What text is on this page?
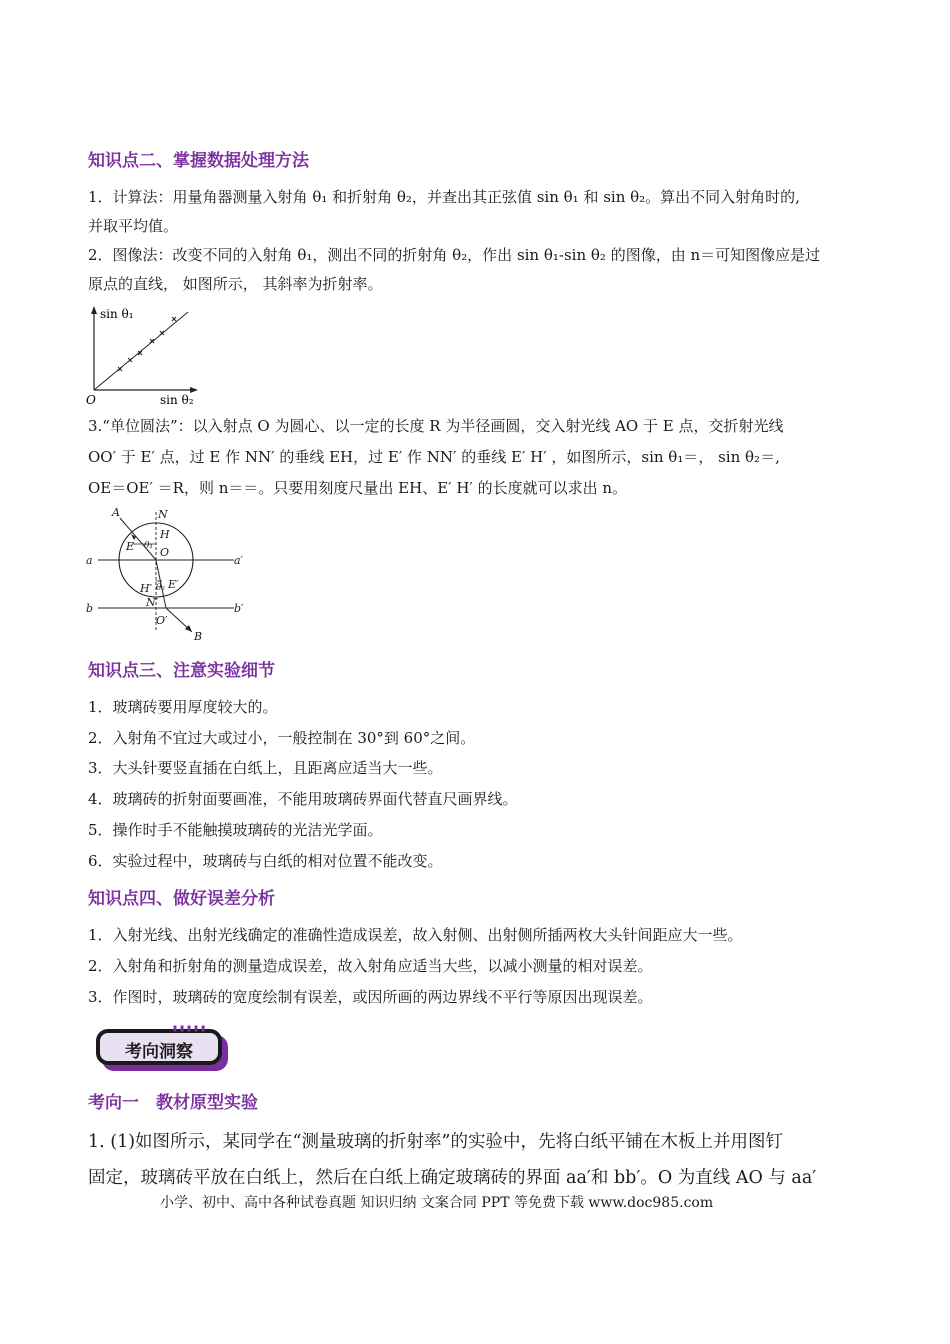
知识点二、掌握数据处理方法
1．计算法：用量角器测量入射角 θ₁ 和折射角 θ₂，并查出其正弦值 sin θ₁ 和 sin θ₂。算出不同入射角时的,
并取平均值。
2．图像法：改变不同的入射角 θ₁，测出不同的折射角 θ₂，作出 sin θ₁-sin θ₂ 的图像，由 n＝可知图像应是过
原点的直线， 如图所示， 其斜率为折射率。
sin θ₁
O	sin θ₂
3.“单位圆法”：以入射点 O 为圆心、以一定的长度 R 为半径画圆，交入射光线 AO 于 E 点，交折射光线
OO′ 于 E′ 点，过 E 作 NN′ 的垂线 EH，过 E′ 作 NN′ 的垂线 E′ H′ ，如图所示，sin θ₁＝， sin θ₂＝,
OE＝OE′ ＝R，则 n＝＝。只要用刻度尺量出 EH、E′ H′ 的长度就可以求出 n。
A	N
H
E θ₁ O
a	a′
H′ θ₂ E′
N′
b	b′
O′
B
知识点三、注意实验细节
1．玻璃砖要用厚度较大的。
2．入射角不宜过大或过小，一般控制在 30°到 60°之间。
3．大头针要竖直插在白纸上，且距离应适当大一些。
4．玻璃砖的折射面要画准，不能用玻璃砖界面代替直尺画界线。
5．操作时手不能触摸玻璃砖的光洁光学面。
6．实验过程中，玻璃砖与白纸的相对位置不能改变。
知识点四、做好误差分析
1．入射光线、出射光线确定的准确性造成误差，故入射侧、出射侧所插两枚大头针间距应大一些。
2．入射角和折射角的测量造成误差，故入射角应适当大些，以减小测量的相对误差。
3．作图时，玻璃砖的宽度绘制有误差，或因所画的两边界线不平行等原因出现误差。
▮▮▮▮▮
考向洞察
考向一　教材原型实验
1. (1)如图所示，某同学在“测量玻璃的折射率”的实验中，先将白纸平铺在木板上并用图钉
固定，玻璃砖平放在白纸上，然后在白纸上确定玻璃砖的界面 aa′和 bb′。O 为直线 AO 与 aa′
小学、初中、高中各种试卷真题 知识归纳 文案合同 PPT 等免费下载 www.doc985.com
